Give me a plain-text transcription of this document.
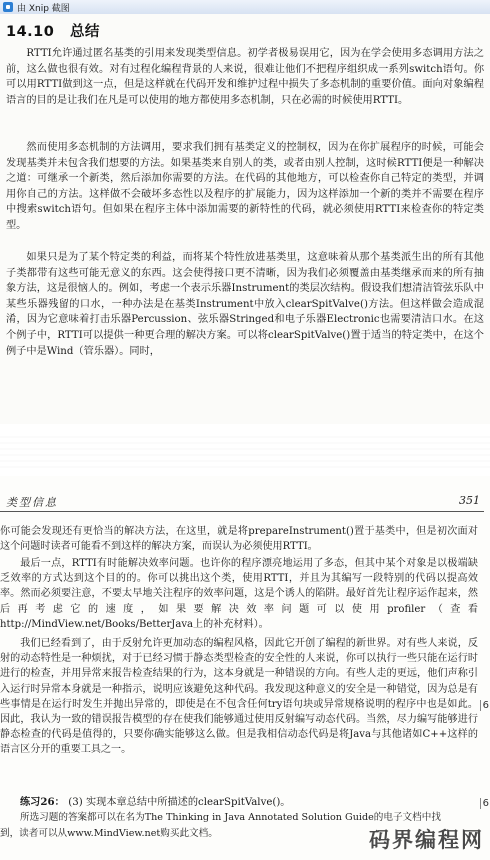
由 Xnip 截图
14.10 总结
RTTI允许通过匿名基类的引用来发现类型信息。初学者极易误用它，因为在学会使用多态调用方法之前，这么做也很有效。对有过程化编程背景的人来说，很难让他们不把程序组织成一系列switch语句。你可以用RTTI做到这一点，但是这样就在代码开发和维护过程中损失了多态机制的重要价值。面向对象编程语言的目的是让我们在凡是可以使用的地方都使用多态机制，只在必需的时候使用RTTI。
然而使用多态机制的方法调用，要求我们拥有基类定义的控制权，因为在你扩展程序的时候，可能会发现基类并未包含我们想要的方法。如果基类来自别人的类，或者由别人控制，这时候RTTI便是一种解决之道：可继承一个新类，然后添加你需要的方法。在代码的其他地方，可以检查你自己特定的类型，并调用你自己的方法。这样做不会破坏多态性以及程序的扩展能力，因为这样添加一个新的类并不需要在程序中搜索switch语句。但如果在程序主体中添加需要的新特性的代码，就必须使用RTTI来检查你的特定类型。
如果只是为了某个特定类的利益，而将某个特性放进基类里，这意味着从那个基类派生出的所有其他子类都带有这些可能无意义的东西。这会使得接口更不清晰，因为我们必须覆盖由基类继承而来的所有抽象方法，这是很恼人的。例如，考虑一个表示乐器Instrument的类层次结构。假设我们想清洁管弦乐队中某些乐器残留的口水，一种办法是在基类Instrument中放入clearSpitValve()方法。但这样做会造成混淆，因为它意味着打击乐器Percussion、弦乐器Stringed和电子乐器Electronic也需要清洁口水。在这个例子中，RTTI可以提供一种更合理的解决方案。可以将clearSpitValve()置于适当的特定类中，在这个例子中是Wind（管乐器）。同时，
类型信息	351
你可能会发现还有更恰当的解决方法，在这里，就是将prepareInstrument()置于基类中，但是初次面对这个问题时读者可能看不到这样的解决方案，而误认为必须使用RTTI。
最后一点，RTTI有时能解决效率问题。也许你的程序漂亮地运用了多态，但其中某个对象是以极端缺乏效率的方式达到这个目的的。你可以挑出这个类，使用RTTI，并且为其编写一段特别的代码以提高效率。然而必须要注意，不要太早地关注程序的效率问题，这是个诱人的陷阱。最好首先让程序运作起来，然后再考虑它的速度，如果要解决效率问题可以使用profiler（查看http://MindView.net/Books/BetterJava上的补充材料）。
我们已经看到了，由于反射允许更加动态的编程风格，因此它开创了编程的新世界。对有些人来说，反射的动态特性是一种烦扰，对于已经习惯于静态类型检查的安全性的人来说，你可以执行一些只能在运行时进行的检查，并用异常来报告检查结果的行为，这本身就是一种错误的方向。有些人走的更远，他们声称引入运行时异常本身就是一种指示，说明应该避免这种代码。我发现这种意义的安全是一种错觉，因为总是有些事情是在运行时发生并抛出异常的，即使是在不包含任何try语句块或异常规格说明的程序中也是如此。因此，我认为一致的错误报告模型的存在使我们能够通过使用反射编写动态代码。当然，尽力编写能够进行静态检查的代码是值得的，只要你确实能够这么做。但是我相信动态代码是将Java与其他诸如C++这样的语言区分开的重要工具之一。
6
6
练习26： (3) 实现本章总结中所描述的clearSpitValve()。
所选习题的答案都可以在名为The Thinking in Java Annotated Solution Guide的电子文档中找
到，读者可以从www.MindView.net购买此文档。	码界编程网
